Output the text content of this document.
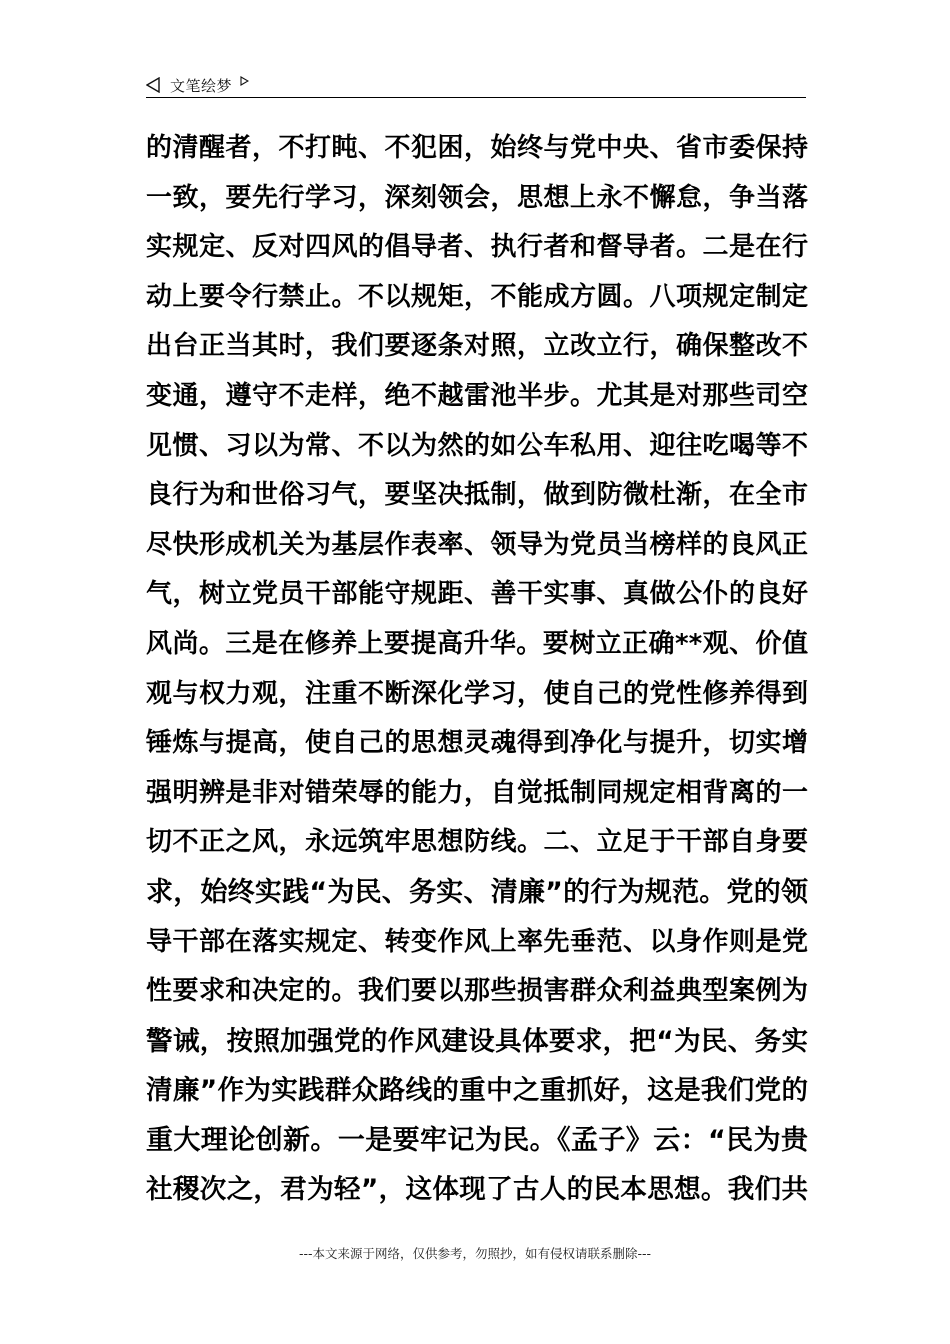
文笔绘梦
的清醒者，不打盹、不犯困，始终与党中央、省市委保持
一致，要先行学习，深刻领会，思想上永不懈怠，争当落
实规定、反对四风的倡导者、执行者和督导者。二是在行
动上要令行禁止。不以规矩，不能成方圆。八项规定制定
出台正当其时，我们要逐条对照，立改立行，确保整改不
变通，遵守不走样，绝不越雷池半步。尤其是对那些司空
见惯、习以为常、不以为然的如公车私用、迎往吃喝等不
良行为和世俗习气，要坚决抵制，做到防微杜渐，在全市
尽快形成机关为基层作表率、领导为党员当榜样的良风正
气，树立党员干部能守规距、善干实事、真做公仆的良好
风尚。三是在修养上要提高升华。要树立正确**观、价值
观与权力观，注重不断深化学习，使自己的党性修养得到
锤炼与提高，使自己的思想灵魂得到净化与提升，切实增
强明辨是非对错荣辱的能力，自觉抵制同规定相背离的一
切不正之风，永远筑牢思想防线。二、立足于干部自身要
求，始终实践“为民、务实、清廉”的行为规范。党的领
导干部在落实规定、转变作风上率先垂范、以身作则是党
性要求和决定的。我们要以那些损害群众利益典型案例为
警诫，按照加强党的作风建设具体要求，把“为民、务实
清廉”作为实践群众路线的重中之重抓好，这是我们党的
重大理论创新。一是要牢记为民。《孟子》云：“民为贵
社稷次之，君为轻”，这体现了古人的民本思想。我们共
---本文来源于网络，仅供参考，勿照抄，如有侵权请联系删除---
